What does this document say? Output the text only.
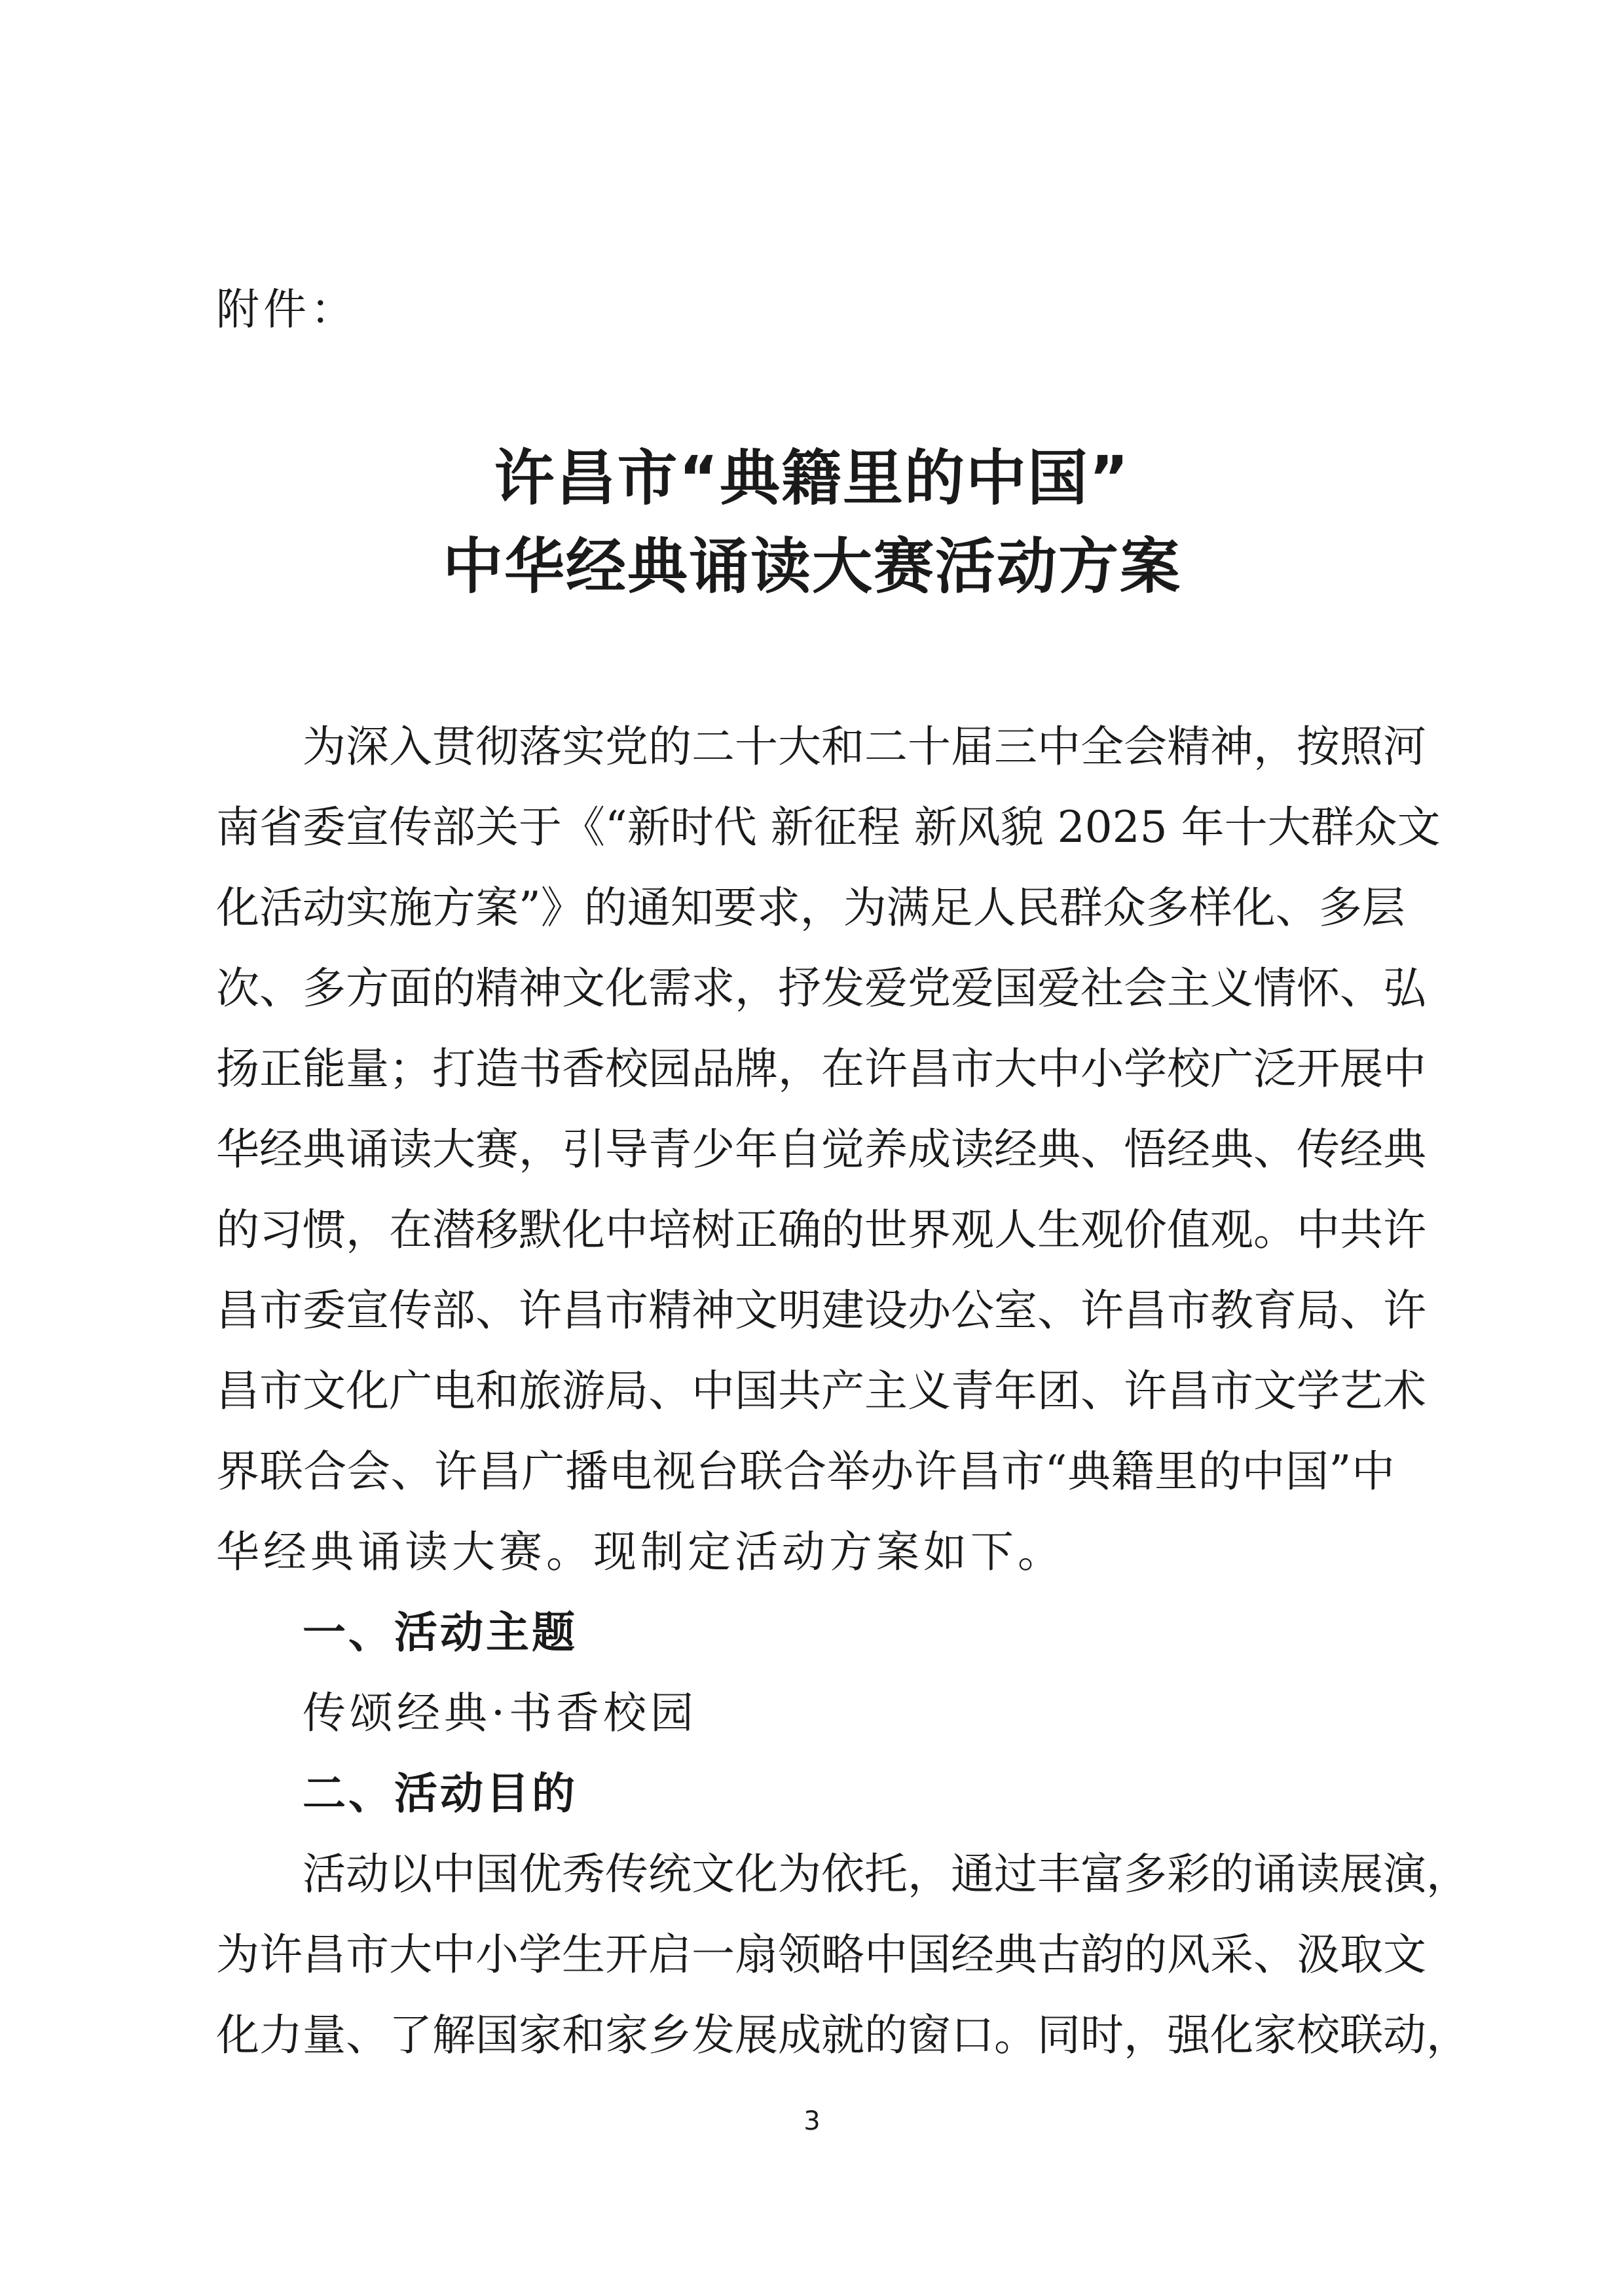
附件：
许昌市“典籍里的中国”
中华经典诵读大赛活动方案
为深入贯彻落实党的二十大和二十届三中全会精神，按照河
南省委宣传部关于《“新时代 新征程 新风貌 2025 年十大群众文
化活动实施方案”》的通知要求，为满足人民群众多样化、多层
次、多方面的精神文化需求，抒发爱党爱国爱社会主义情怀、弘
扬正能量；打造书香校园品牌，在许昌市大中小学校广泛开展中
华经典诵读大赛，引导青少年自觉养成读经典、悟经典、传经典
的习惯，在潜移默化中培树正确的世界观人生观价值观。中共许
昌市委宣传部、许昌市精神文明建设办公室、许昌市教育局、许
昌市文化广电和旅游局、中国共产主义青年团、许昌市文学艺术
界联合会、许昌广播电视台联合举办许昌市“典籍里的中国”中
华经典诵读大赛。现制定活动方案如下。
一、活动主题
传颂经典·书香校园
二、活动目的
活动以中国优秀传统文化为依托，通过丰富多彩的诵读展演，
为许昌市大中小学生开启一扇领略中国经典古韵的风采、汲取文
化力量、了解国家和家乡发展成就的窗口。同时，强化家校联动，
3
